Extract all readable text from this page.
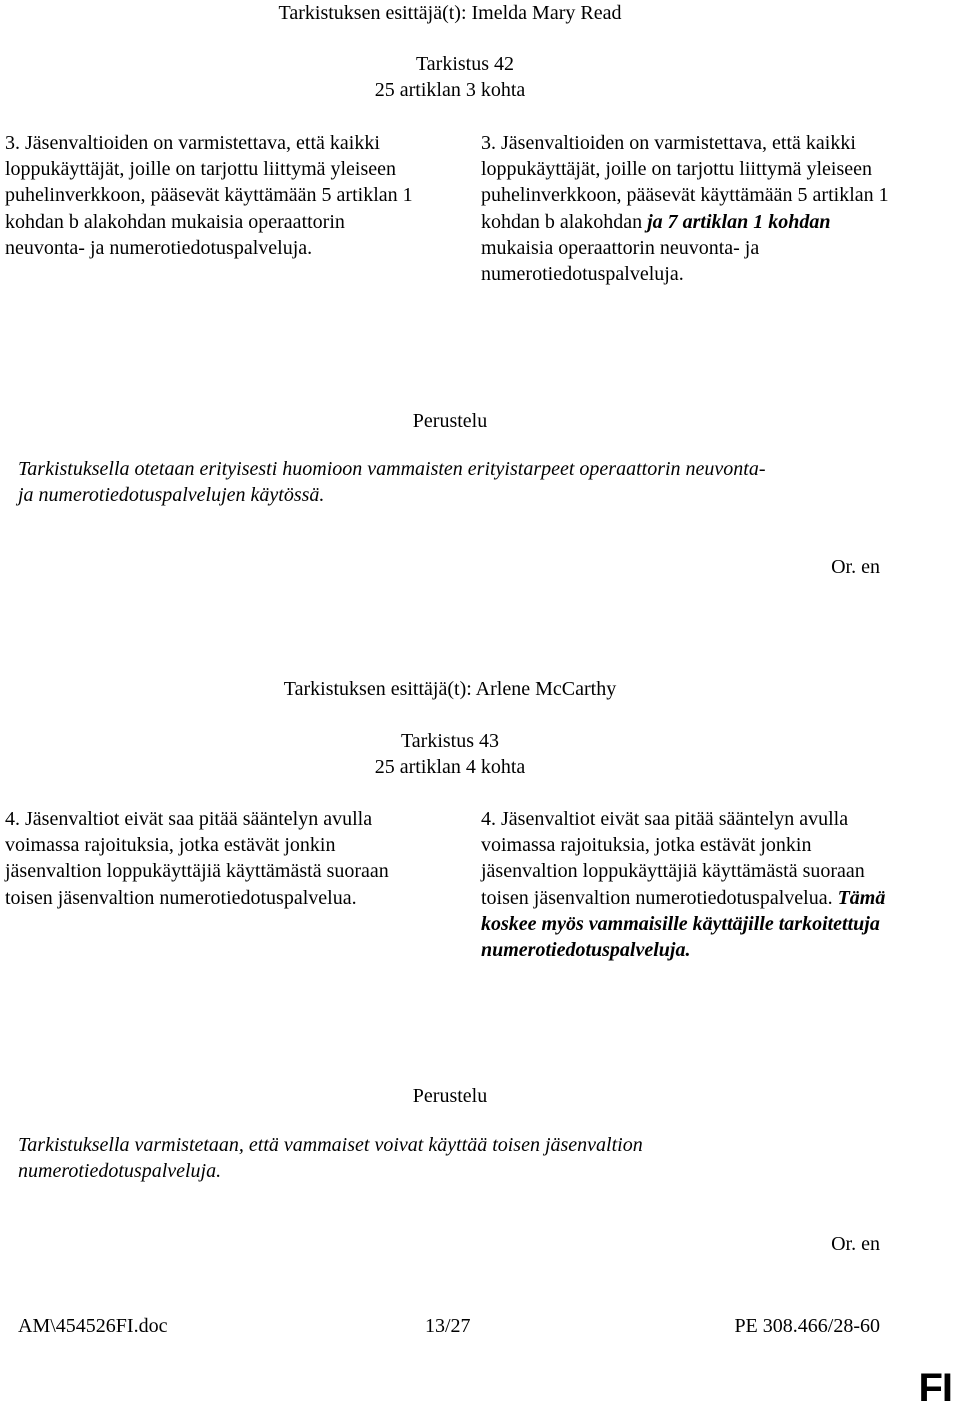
Tarkistuksen esittäjä(t): Imelda Mary Read
Tarkistus 42
25 artiklan 3 kohta
3. Jäsenvaltioiden on varmistettava, että kaikki loppukäyttäjät, joille on tarjottu liittymä yleiseen puhelinverkkoon, pääsevät käyttämään 5 artiklan 1 kohdan b alakohdan mukaisia operaattorin neuvonta- ja numerotiedotuspalveluja.
3. Jäsenvaltioiden on varmistettava, että kaikki loppukäyttäjät, joille on tarjottu liittymä yleiseen puhelinverkkoon, pääsevät käyttämään 5 artiklan 1 kohdan b alakohdan ja 7 artiklan 1 kohdan mukaisia operaattorin neuvonta- ja numerotiedotuspalveluja.
Perustelu
Tarkistuksella otetaan erityisesti huomioon vammaisten erityistarpeet operaattorin neuvonta-
ja numerotiedotuspalvelujen käytössä.
Or. en
Tarkistuksen esittäjä(t): Arlene McCarthy
Tarkistus 43
25 artiklan 4 kohta
4. Jäsenvaltiot eivät saa pitää sääntelyn avulla voimassa rajoituksia, jotka estävät jonkin jäsenvaltion loppukäyttäjiä käyttämästä suoraan toisen jäsenvaltion numerotiedotuspalvelua.
4. Jäsenvaltiot eivät saa pitää sääntelyn avulla voimassa rajoituksia, jotka estävät jonkin jäsenvaltion loppukäyttäjiä käyttämästä suoraan toisen jäsenvaltion numerotiedotuspalvelua. Tämä koskee myös vammaisille käyttäjille tarkoitettuja numerotiedotuspalveluja.
Perustelu
Tarkistuksella varmistetaan, että vammaiset voivat käyttää toisen jäsenvaltion
numerotiedotuspalveluja.
Or. en
AM\454526FI.doc	13/27	PE 308.466/28-60
FI
